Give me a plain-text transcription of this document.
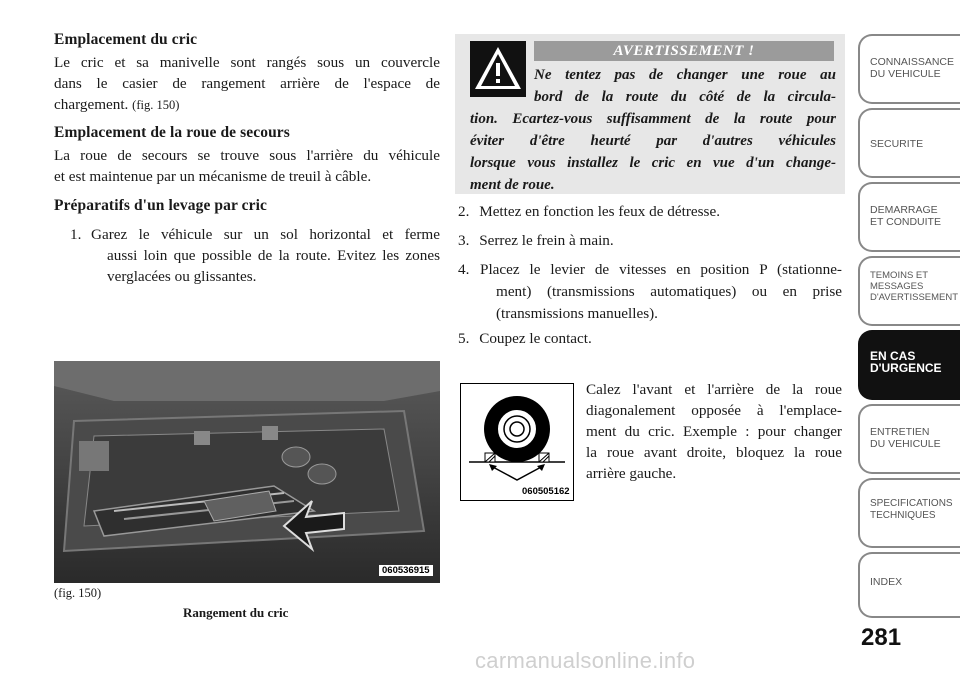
Emplacement du cric
Le cric et sa manivelle sont rangés sous un couvercle
dans le casier de rangement arrière de l'espace de
chargement. (fig. 150)
Emplacement de la roue de secours
La roue de secours se trouve sous l'arrière du véhicule
et est maintenue par un mécanisme de treuil à câble.
Préparatifs d'un levage par cric
1. Garez le véhicule sur un sol horizontal et ferme
aussi loin que possible de la route. Evitez les zones
verglacées ou glissantes.
060536915
(fig. 150)
Rangement du cric
AVERTISSEMENT !
Ne tentez pas de changer une roue au
bord de la route du côté de la circula-
tion. Ecartez-vous suffisamment de la route pour
éviter d'être heurté par d'autres véhicules
lorsque vous installez le cric en vue d'un change-
ment de roue.
2. Mettez en fonction les feux de détresse.
3. Serrez le frein à main.
4. Placez le levier de vitesses en position P (stationne-
ment) (transmissions automatiques) ou en prise
(transmissions manuelles).
5. Coupez le contact.
060505162
Calez l'avant et l'arrière de la roue
diagonalement opposée à l'emplace-
ment du cric. Exemple : pour changer
la roue avant droite, bloquez la roue
arrière gauche.
CONNAISSANCE
DU VEHICULE
SECURITE
DEMARRAGE
ET CONDUITE
TEMOINS ET
MESSAGES
D'AVERTISSEMENT
EN CAS
D'URGENCE
ENTRETIEN
DU VEHICULE
SPECIFICATIONS
TECHNIQUES
INDEX
281
carmanualsonline.info
